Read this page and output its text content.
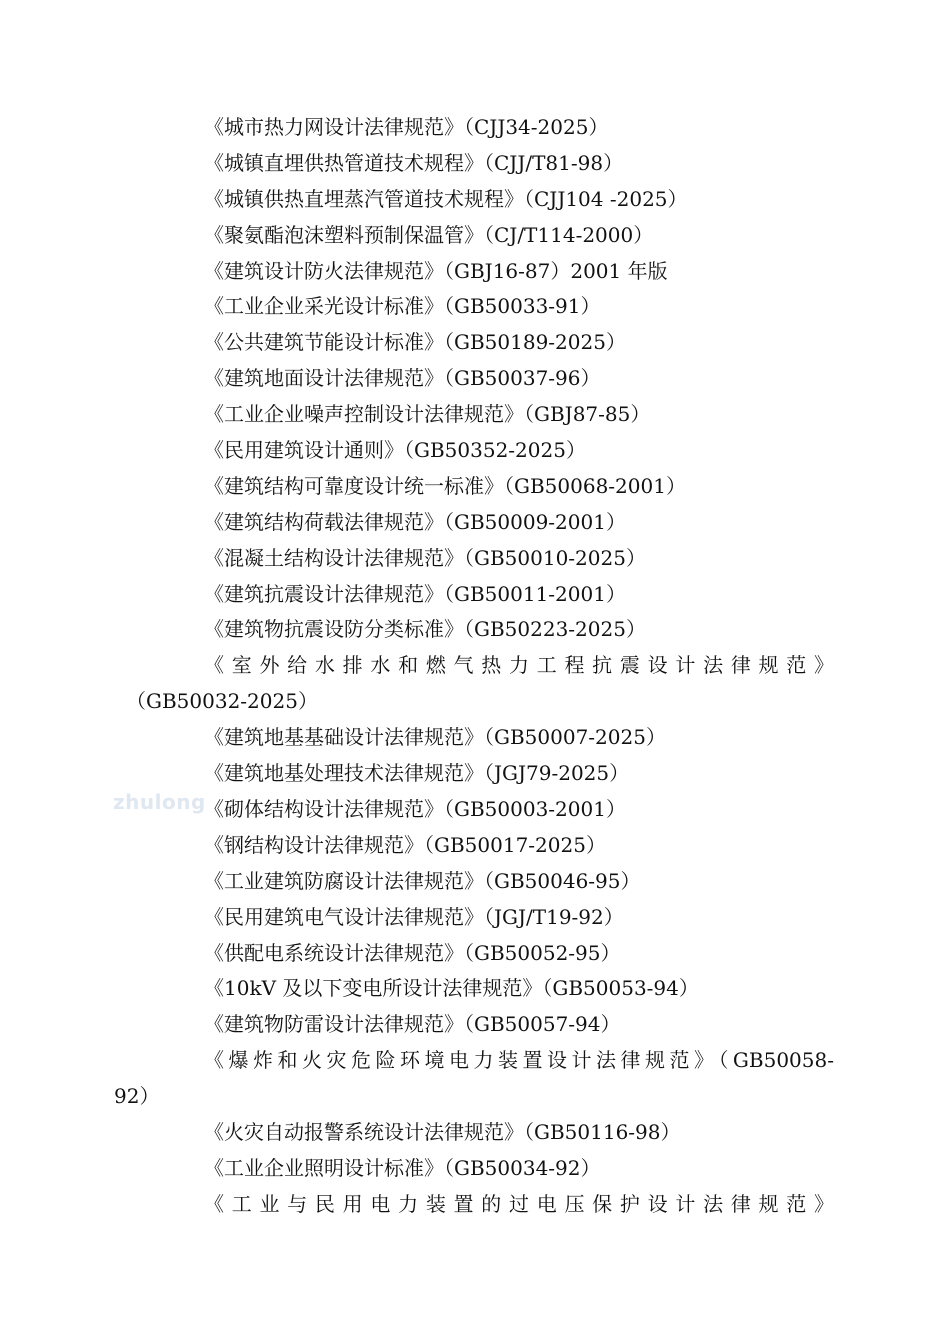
zhulong
《城市热力网设计法律规范》（CJJ34-2025）
《城镇直埋供热管道技术规程》（CJJ/T81-98）
《城镇供热直埋蒸汽管道技术规程》（CJJ104 -2025）
《聚氨酯泡沫塑料预制保温管》（CJ/T114-2000）
《建筑设计防火法律规范》（GBJ16-87）2001 年版
《工业企业采光设计标准》（GB50033-91）
《公共建筑节能设计标准》（GB50189-2025）
《建筑地面设计法律规范》（GB50037-96）
《工业企业噪声控制设计法律规范》（GBJ87-85）
《民用建筑设计通则》（GB50352-2025）
《建筑结构可靠度设计统一标准》（GB50068-2001）
《建筑结构荷载法律规范》（GB50009-2001）
《混凝土结构设计法律规范》（GB50010-2025）
《建筑抗震设计法律规范》（GB50011-2001）
《建筑物抗震设防分类标准》（GB50223-2025）
《室外给水排水和燃气热力工程抗震设计法律规范》
（GB50032-2025）
《建筑地基基础设计法律规范》（GB50007-2025）
《建筑地基处理技术法律规范》（JGJ79-2025）
《砌体结构设计法律规范》（GB50003-2001）
《钢结构设计法律规范》（GB50017-2025）
《工业建筑防腐设计法律规范》（GB50046-95）
《民用建筑电气设计法律规范》（JGJ/T19-92）
《供配电系统设计法律规范》（GB50052-95）
《10kV 及以下变电所设计法律规范》（GB50053-94）
《建筑物防雷设计法律规范》（GB50057-94）
《爆炸和火灾危险环境电力装置设计法律规范》（GB50058-
92）
《火灾自动报警系统设计法律规范》（GB50116-98）
《工业企业照明设计标准》（GB50034-92）
《工业与民用电力装置的过电压保护设计法律规范》
